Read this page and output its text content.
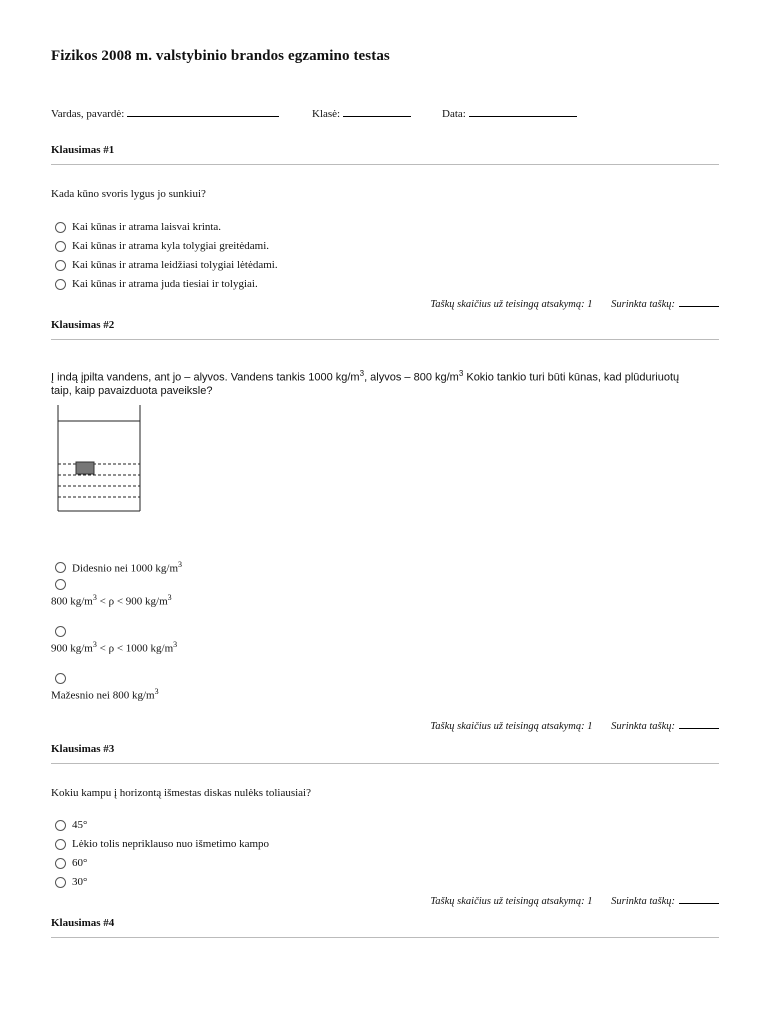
Fizikos 2008 m. valstybinio brandos egzamino testas
Vardas, pavardė:	Klasė:	Data:
Klausimas #1
Kada kūno svoris lygus jo sunkiui?
Kai kūnas ir atrama laisvai krinta.
Kai kūnas ir atrama kyla tolygiai greitėdami.
Kai kūnas ir atrama leidžiasi tolygiai lėtėdami.
Kai kūnas ir atrama juda tiesiai ir tolygiai.
Taškų skaičius už teisingą atsakymą: 1 Surinkta taškų:
Klausimas #2
Į indą įpilta vandens, ant jo – alyvos. Vandens tankis 1000 $kg/m^3$, alyvos – 800 $kg/m^3$ Kokio tankio turi būti kūnas, kad plūduriuotų
taip, kaip pavaizduota paveiksle?
Didesnio nei 1000 $kg/m^3$
800 $kg/m^3 < \rho < 900$ $kg/m^3$
900 $kg/m^3 < \rho < 1000$ $kg/m^3$
Mažesnio nei 800 $kg/m^3$
Taškų skaičius už teisingą atsakymą: 1 Surinkta taškų:
Klausimas #3
Kokiu kampu į horizontą išmestas diskas nulėks toliausiai?
45°
Lėkio tolis nepriklauso nuo išmetimo kampo
60°
30°
Taškų skaičius už teisingą atsakymą: 1 Surinkta taškų:
Klausimas #4
